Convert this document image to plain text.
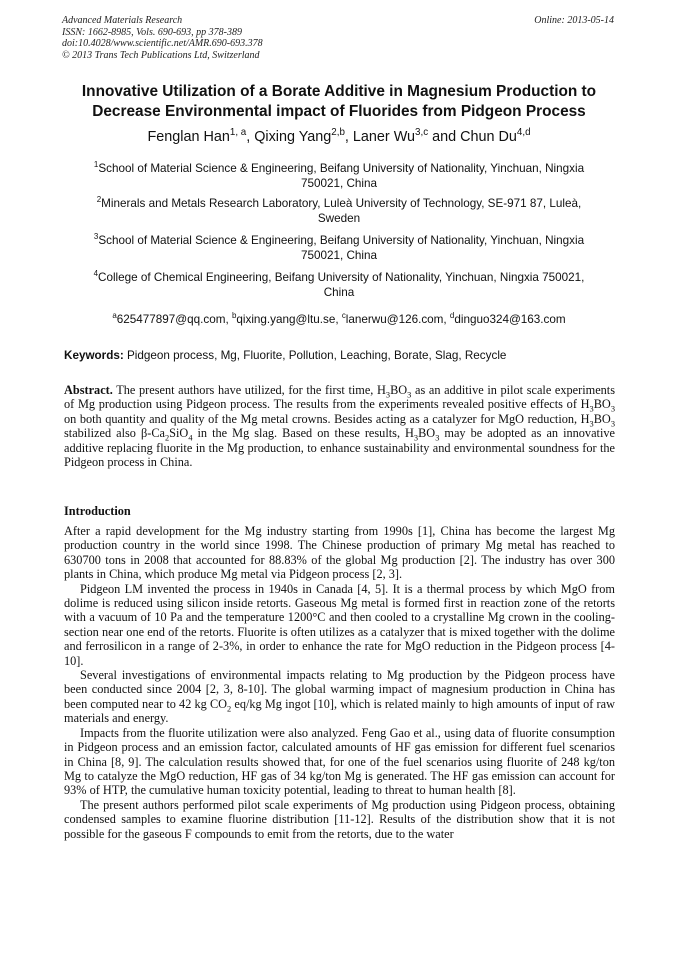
Advanced Materials Research
ISSN: 1662-8985, Vols. 690-693, pp 378-389
doi:10.4028/www.scientific.net/AMR.690-693.378
© 2013 Trans Tech Publications Ltd, Switzerland
Online: 2013-05-14
Innovative Utilization of a Borate Additive in Magnesium Production to
Decrease Environmental impact of Fluorides from Pidgeon Process
Fenglan Han$^{1, a}$, Qixing Yang$^{2,b}$, Laner Wu$^{3,c}$ and Chun Du$^{4,d}$
$^1$School of Material Science & Engineering, Beifang University of Nationality, Yinchuan, Ningxia
750021, China
$^2$Minerals and Metals Research Laboratory, Luleà University of Technology, SE-971 87, Luleà,
Sweden
$^3$School of Material Science & Engineering, Beifang University of Nationality, Yinchuan, Ningxia
750021, China
$^4$College of Chemical Engineering, Beifang University of Nationality, Yinchuan, Ningxia 750021,
China
$^a$625477897@qq.com, $^b$qixing.yang@ltu.se, $^c$lanerwu@126.com, $^d$dinguo324@163.com
Keywords: Pidgeon process, Mg, Fluorite, Pollution, Leaching, Borate, Slag, Recycle
Abstract. The present authors have utilized, for the first time, $H_3BO_3$ as an additive in pilot scale experiments of Mg production using Pidgeon process. The results from the experiments revealed positive effects of $H_3BO_3$ on both quantity and quality of the Mg metal crowns. Besides acting as a catalyzer for MgO reduction, $H_3BO_3$ stabilized also $\beta-Ca_2SiO_4$ in the Mg slag. Based on these results, $H_3BO_3$ may be adopted as an innovative additive replacing fluorite in the Mg production, to enhance sustainability and environmental soundness for the Pidgeon process in China.
Introduction

After a rapid development for the Mg industry starting from 1990s [1], China has become the largest Mg production country in the world since 1998. The Chinese production of primary Mg metal has reached to 630700 tons in 2008 that accounted for 88.83% of the global Mg production [2]. The industry has over 300 plants in China, which produce Mg metal via Pidgeon process [2, 3].

Pidgeon LM invented the process in 1940s in Canada [4, 5]. It is a thermal process by which MgO from dolime is reduced using silicon inside retorts. Gaseous Mg metal is formed first in reaction zone of the retorts with a vacuum of 10 Pa and the temperature 1200°C and then cooled to a crystalline Mg crown in the cooling-section near one end of the retorts. Fluorite is often utilizes as a catalyzer that is mixed together with the dolime and ferrosilicon in a range of 2-3%, in order to enhance the rate for MgO reduction in the Pidgeon process [4-10].

Several investigations of environmental impacts relating to Mg production by the Pidgeon process have been conducted since 2004 [2, 3, 8-10]. The global warming impact of magnesium production in China has been computed near to 42 kg $CO_2$ eq/kg Mg ingot [10], which is related mainly to high amounts of input of raw materials and energy.

Impacts from the fluorite utilization were also analyzed. Feng Gao et al., using data of fluorite consumption in Pidgeon process and an emission factor, calculated amounts of HF gas emission for different fuel scenarios in China [8, 9]. The calculation results showed that, for one of the fuel scenarios using fluorite of 248 kg/ton Mg to catalyze the MgO reduction, HF gas of 34 kg/ton Mg is generated. The HF gas emission can account for 93% of HTP, the cumulative human toxicity potential, leading to threat to human health [8].

The present authors performed pilot scale experiments of Mg production using Pidgeon process, obtaining condensed samples to examine fluorine distribution [11-12]. Results of the distribution show that it is not possible for the gaseous F compounds to emit from the retorts, due to the water
